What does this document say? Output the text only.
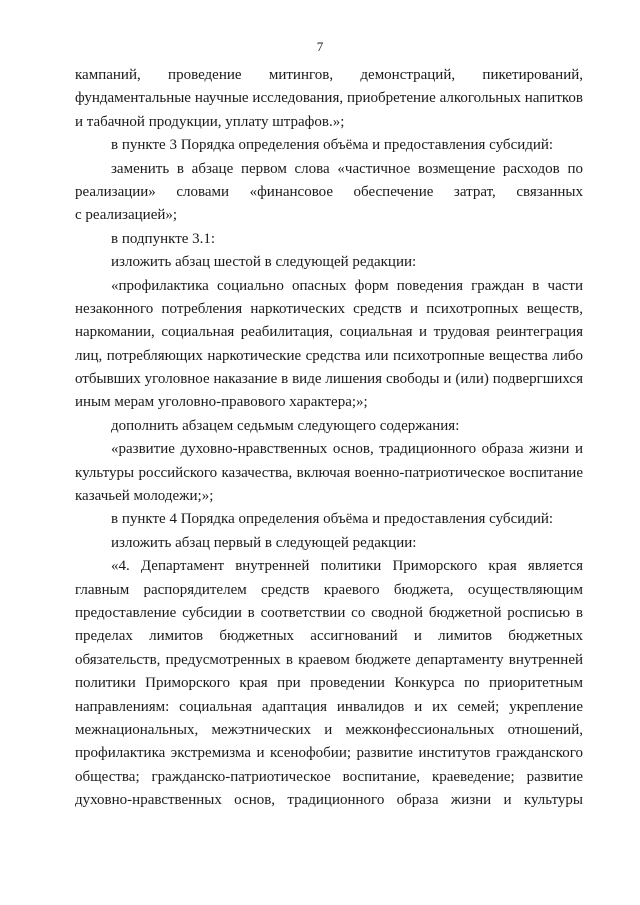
7
кампаний, проведение митингов, демонстраций, пикетирований,
фундаментальные научные исследования, приобретение алкогольных напитков
и табачной продукции, уплату штрафов.»;
в пункте 3 Порядка определения объёма и предоставления субсидий:
заменить в абзаце первом слова «частичное возмещение расходов по
реализации» словами «финансовое обеспечение затрат, связанных
с реализацией»;
в подпункте 3.1:
изложить абзац шестой в следующей редакции:
«профилактика социально опасных форм поведения граждан в части
незаконного потребления наркотических средств и психотропных веществ,
наркомании, социальная реабилитация, социальная и трудовая реинтеграция
лиц, потребляющих наркотические средства или психотропные вещества либо
отбывших уголовное наказание в виде лишения свободы и (или) подвергшихся
иным мерам уголовно-правового характера;»;
дополнить абзацем седьмым следующего содержания:
«развитие духовно-нравственных основ, традиционного образа жизни и
культуры российского казачества, включая военно-патриотическое воспитание
казачьей молодежи;»;
в пункте 4 Порядка определения объёма и предоставления субсидий:
изложить абзац первый в следующей редакции:
«4. Департамент внутренней политики Приморского края является
главным распорядителем средств краевого бюджета, осуществляющим
предоставление субсидии в соответствии со сводной бюджетной росписью в
пределах лимитов бюджетных ассигнований и лимитов бюджетных
обязательств, предусмотренных в краевом бюджете департаменту внутренней
политики Приморского края при проведении Конкурса по приоритетным
направлениям: социальная адаптация инвалидов и их семей; укрепление
межнациональных, межэтнических и межконфессиональных отношений,
профилактика экстремизма и ксенофобии; развитие институтов гражданского
общества; гражданско-патриотическое воспитание, краеведение; развитие
духовно-нравственных основ, традиционного образа жизни и культуры
